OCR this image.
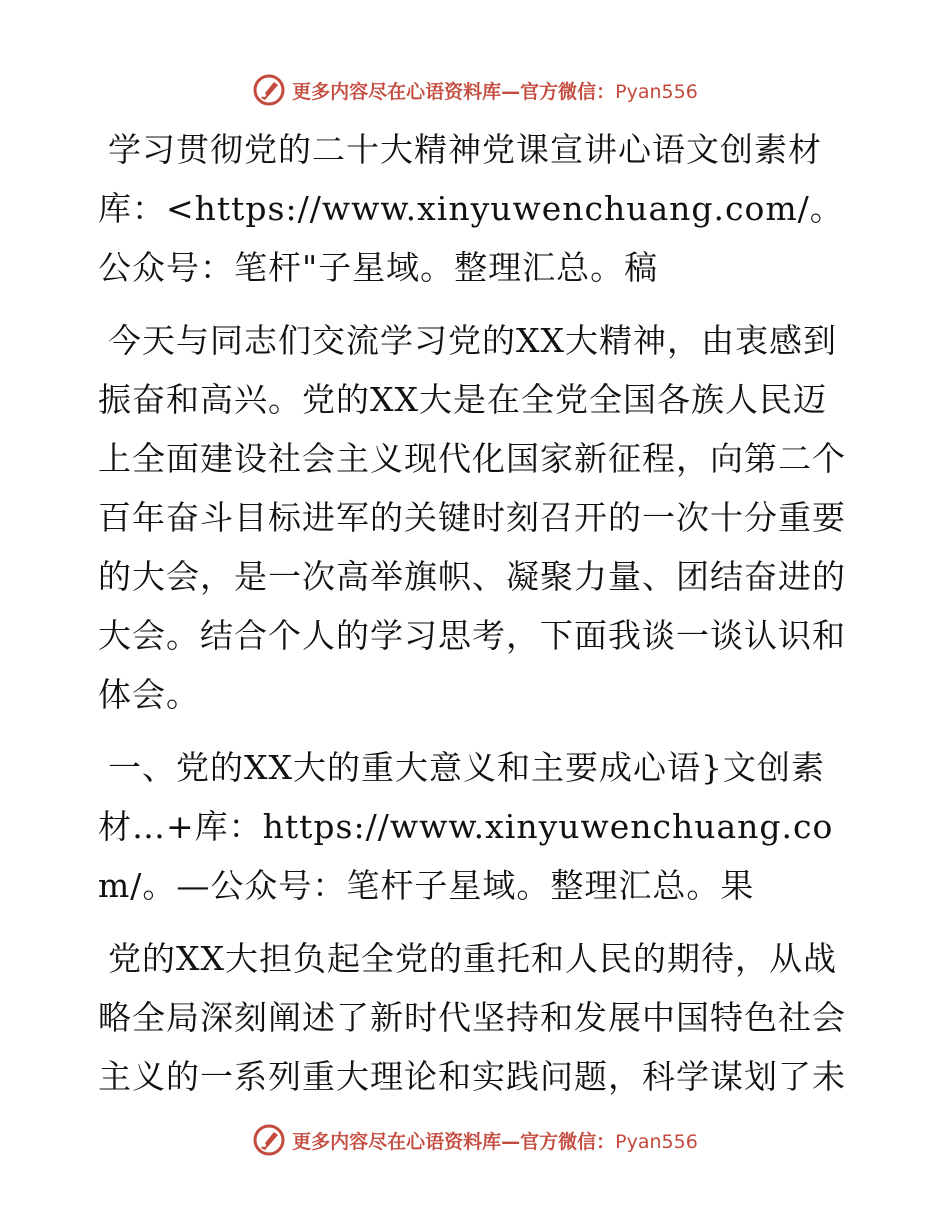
更多内容尽在心语资料库—官方微信：Pyan556

学习贯彻党的二十大精神党课宣讲心语文创素材库：<https://www.xinyuwenchuang.com/。公众号：笔杆"子星域。整理汇总。稿

今天与同志们交流学习党的XX大精神，由衷感到振奋和高兴。党的XX大是在全党全国各族人民迈上全面建设社会主义现代化国家新征程，向第二个百年奋斗目标进军的关键时刻召开的一次十分重要的大会，是一次高举旗帜、凝聚力量、团结奋进的大会。结合个人的学习思考，下面我谈一谈认识和体会。

一、党的XX大的重大意义和主要成心语}文创素材…+库：https://www.xinyuwenchuang.com/。—公众号：笔杆子星域。整理汇总。果

党的XX大担负起全党的重托和人民的期待，从战略全局深刻阐述了新时代坚持和发展中国特色社会主义的一系列重大理论和实践问题，科学谋划了未

更多内容尽在心语资料库—官方微信：Pyan556
